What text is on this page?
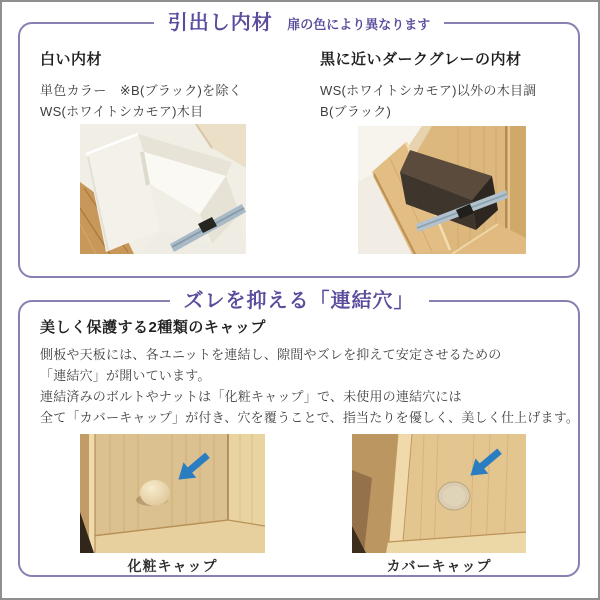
引出し内材 扉の色により異なります
白い内材
単色カラー　※B(ブラック)を除く
WS(ホワイトシカモア)木目
黒に近いダークグレーの内材
WS(ホワイトシカモア)以外の木目調
B(ブラック)
ズレを抑える「連結穴」
美しく保護する2種類のキャップ
側板や天板には、各ユニットを連結し、隙間やズレを抑えて安定させるための
「連結穴」が開いています。
連結済みのボルトやナットは「化粧キャップ」で、未使用の連結穴には
全て「カバーキャップ」が付き、穴を覆うことで、指当たりを優しく、美しく仕上げます。
化粧キャップ	カバーキャップ
